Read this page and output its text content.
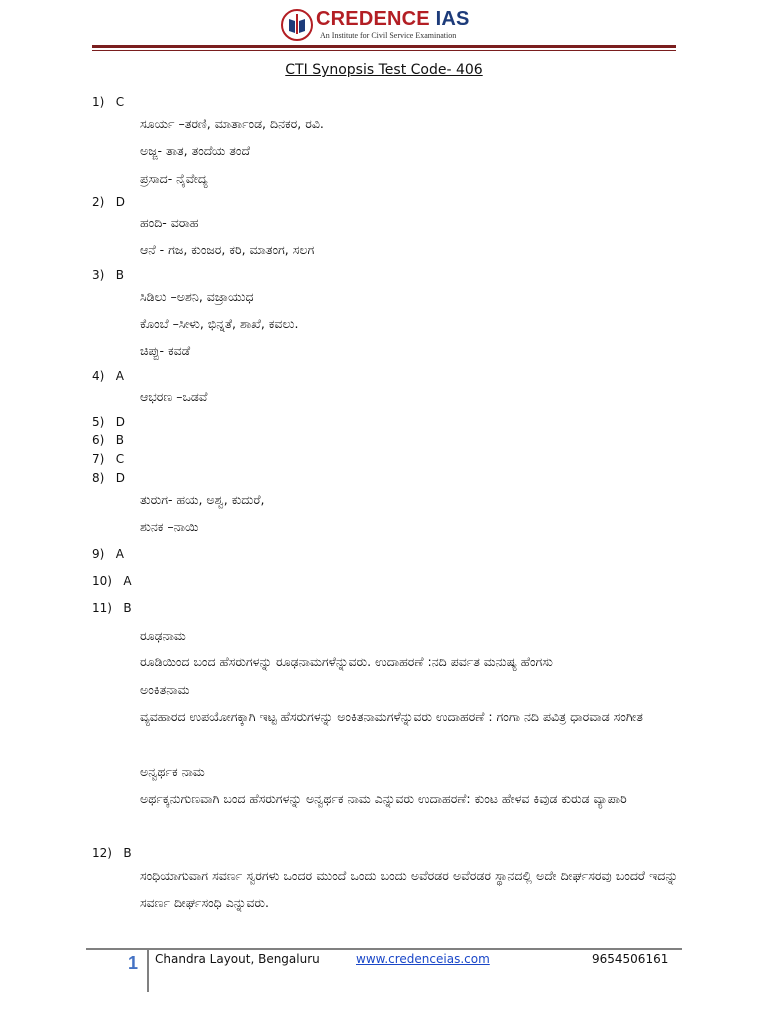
CREDENCE IAS
An Institute for Civil Service Examination
CTI Synopsis Test Code- 406
1) C
ಸೂರ್ಯ –ತರಣಿ, ಮಾರ್ತಾಂಡ, ದಿನಕರ, ರವಿ.
ಅಜ್ಜ- ತಾತ, ತಂದೆಯ ತಂದೆ
ಪ್ರಸಾದ- ನೈವೇದ್ಯ
2) D
ಹಂದಿ- ವರಾಹ
ಆನೆ - ಗಜ, ಕುಂಜರ, ಕರಿ, ಮಾತಂಗ, ಸಲಗ
3) B
ಸಿಡಿಲು –ಅಶನಿ, ವಜ್ರಾಯುಧ
ಕೊಂಬೆ –ಸೀಳು, ಭಿನ್ನತೆ, ಶಾಖೆ, ಕವಲು.
ಚಿಪ್ಪು- ಕವಡೆ
4) A
ಆಭರಣ –ಒಡವೆ
5) D
6) B
7) C
8) D
ತುರುಗ- ಹಯ, ಅಶ್ವ, ಕುದುರೆ,
ಶುನಕ –ನಾಯಿ
9) A
10) A
11) B
ರೂಢನಾಮ
ರೂಡಿಯಿಂದ ಬಂದ ಹೆಸರುಗಳನ್ನು ರೂಢನಾಮಗಳೆನ್ನುವರು. ಉದಾಹರಣೆ :ನದಿ ಪರ್ವತ ಮನುಷ್ಯ ಹೆಂಗಸು
ಅಂಕಿತನಾಮ
ವ್ಯವಹಾರದ ಉಪಯೋಗಕ್ಕಾಗಿ ಇಟ್ಟ ಹೆಸರುಗಳನ್ನು ಅಂಕಿತನಾಮಗಳೆನ್ನುವರು ಉದಾಹರಣೆ : ಗಂಗಾ ನದಿ ಪವಿತ್ರ ಧಾರವಾಡ ಸಂಗೀತ
ಅನ್ವರ್ಥಕ ನಾಮ
ಅರ್ಥಕ್ಕನುಗುಣವಾಗಿ ಬಂದ ಹೆಸರುಗಳನ್ನು ಅನ್ವರ್ಥಕ ನಾಮ ಎನ್ನುವರು ಉದಾಹರಣೆ: ಕುಂಟ ಹೇಳವ ಕಿವುಡ ಕುರುಡ ವ್ಯಾಪಾರಿ
12) B
ಸಂಧಿಯಾಗುವಾಗ ಸವರ್ಣ ಸ್ವರಗಳು ಒಂದರ ಮುಂದೆ ಒಂದು ಬಂದು ಅವೆರಡರ ಅವೆರಡರ ಸ್ಥಾನದಲ್ಲಿ ಅದೇ ದೀರ್ಘಸರವು ಬಂದರೆ ಇದನ್ನು ಸವರ್ಣ ದೀರ್ಘಸಂಧಿ ಎನ್ನುವರು.
1 Chandra Layout, Bengaluru	www.credenceias.com	9654506161
